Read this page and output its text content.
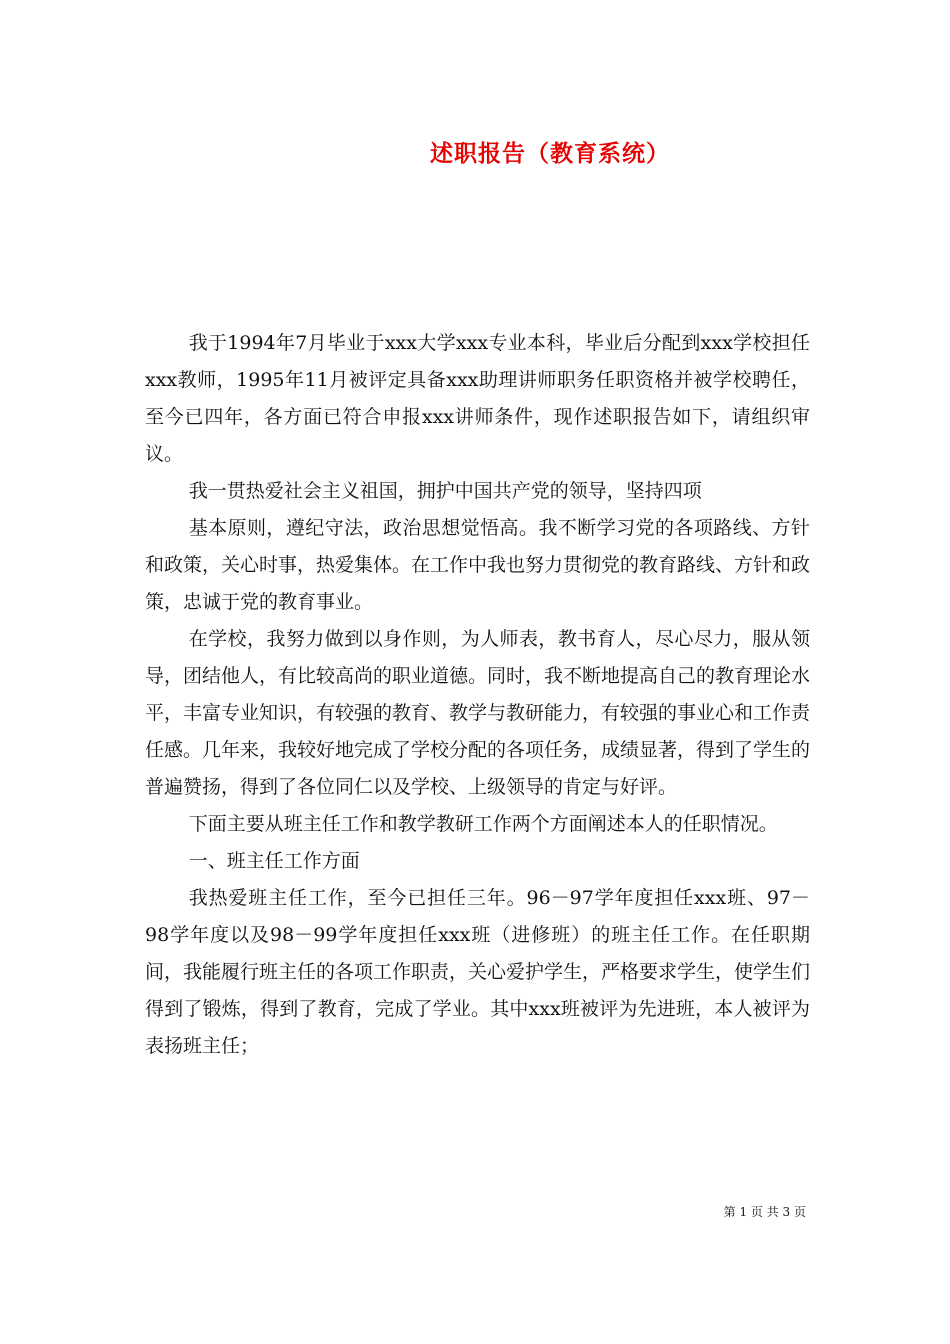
述职报告（教育系统）

我于1994年7月毕业于xxx大学xxx专业本科，毕业后分配到xxx学校担任xxx教师，1995年11月被评定具备xxx助理讲师职务任职资格并被学校聘任，至今已四年，各方面已符合申报xxx讲师条件，现作述职报告如下，请组织审议。

我一贯热爱社会主义祖国，拥护中国共产党的领导，坚持四项

基本原则，遵纪守法，政治思想觉悟高。我不断学习党的各项路线、方针和政策，关心时事，热爱集体。在工作中我也努力贯彻党的教育路线、方针和政策，忠诚于党的教育事业。

在学校，我努力做到以身作则，为人师表，教书育人，尽心尽力，服从领导，团结他人，有比较高尚的职业道德。同时，我不断地提高自己的教育理论水平，丰富专业知识，有较强的教育、教学与教研能力，有较强的事业心和工作责任感。几年来，我较好地完成了学校分配的各项任务，成绩显著，得到了学生的普遍赞扬，得到了各位同仁以及学校、上级领导的肯定与好评。

下面主要从班主任工作和教学教研工作两个方面阐述本人的任职情况。

一、班主任工作方面

我热爱班主任工作，至今已担任三年。96－97学年度担任xxx班、97－98学年度以及98－99学年度担任xxx班（进修班）的班主任工作。在任职期间，我能履行班主任的各项工作职责，关心爱护学生，严格要求学生，使学生们得到了锻炼，得到了教育，完成了学业。其中xxx班被评为先进班，本人被评为表扬班主任；

第 1 页 共 3 页
